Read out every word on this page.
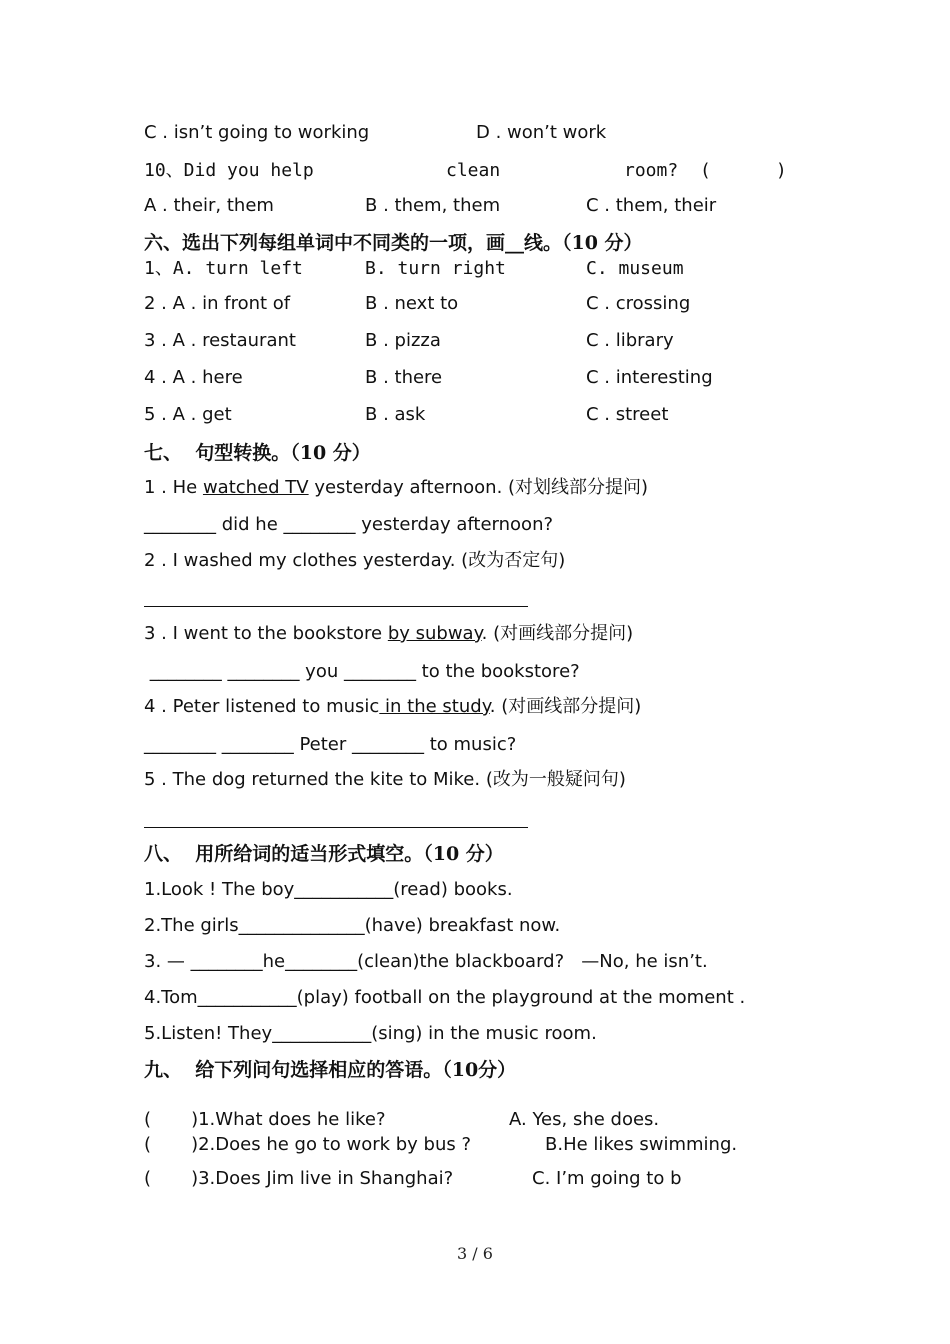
C . isn’t going to working	D . won’t work
10、Did you help	clean	room? (      )
A . their, them	B . them, them	C . them, their
六、选出下列每组单词中不同类的一项，画__线。（10 分）
1、A. turn left	B. turn right	C. museum
2 . A . in front of	B . next to	C . crossing
3 . A . restaurant	B . pizza	C . library
4 . A . here	B . there	C . interesting
5 . A . get	B . ask	C . street
七、  句型转换。（10 分）
1 . He watched TV yesterday afternoon. (对划线部分提问)
________ did he ________ yesterday afternoon?
2 . I washed my clothes yesterday. (改为否定句)
3 . I went to the bookstore by subway. (对画线部分提问)
________ ________ you ________ to the bookstore?
4 . Peter listened to music in the study. (对画线部分提问)
________ ________ Peter ________ to music?
5 . The dog returned the kite to Mike. (改为一般疑问句)
八、  用所给词的适当形式填空。（10 分）
1.Look ! The boy___________(read) books.
2.The girls______________(have) breakfast now.
3. — ________he________(clean)the blackboard?   —No, he isn’t.
4.Tom___________(play) football on the playground at the moment .
5.Listen! They___________(sing) in the music room.
九、  给下列问句选择相应的答语。（10分）
(       )1.What does he like?	A. Yes, she does.
(       )2.Does he go to work by bus ?	B.He likes swimming.
(       )3.Does Jim live in Shanghai?	C. I’m going to b
3 / 6
